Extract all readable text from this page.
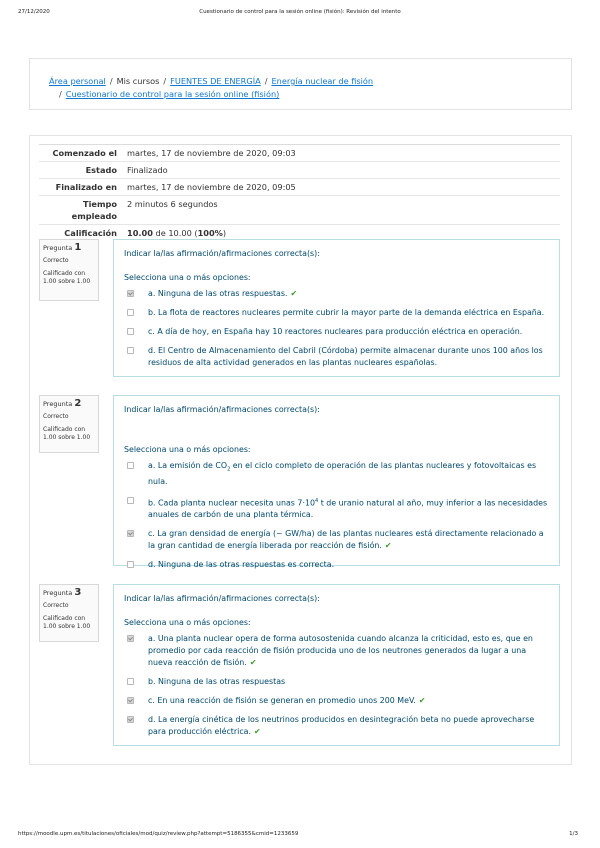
27/12/2020	Cuestionario de control para la sesión online (fisión): Revisión del intento
Área personal / Mis cursos / FUENTES DE ENERGÍA / Energía nuclear de fisión
/ Cuestionario de control para la sesión online (fisión)
Comenzado el	martes, 17 de noviembre de 2020, 09:03
Estado	Finalizado
Finalizado en	martes, 17 de noviembre de 2020, 09:05
Tiempo empleado	2 minutos 6 segundos
Calificación	10.00 de 10.00 (100%)
Pregunta 1
Correcto
Calificado con 1.00 sobre 1.00
Indicar la/las afirmación/afirmaciones correcta(s):
Selecciona una o más opciones:
a. Ninguna de las otras respuestas. ✔
b. La flota de reactores nucleares permite cubrir la mayor parte de la demanda eléctrica en España.
c. A día de hoy, en España hay 10 reactores nucleares para producción eléctrica en operación.
d. El Centro de Almacenamiento del Cabril (Córdoba) permite almacenar durante unos 100 años los residuos de alta actividad generados en las plantas nucleares españolas.
Pregunta 2
Correcto
Calificado con 1.00 sobre 1.00
Indicar la/las afirmación/afirmaciones correcta(s):
Selecciona una o más opciones:
a. La emisión de $CO_2$ en el ciclo completo de operación de las plantas nucleares y fotovoltaicas es nula.
b. Cada planta nuclear necesita unas $7\cdot 10^4$ t de uranio natural al año, muy inferior a las necesidades anuales de carbón de una planta térmica.
c. La gran densidad de energía (~ GW/ha) de las plantas nucleares está directamente relacionado a la gran cantidad de energía liberada por reacción de fisión. ✔
d. Ninguna de las otras respuestas es correcta.
Pregunta 3
Correcto
Calificado con 1.00 sobre 1.00
Indicar la/las afirmación/afirmaciones correcta(s):
Selecciona una o más opciones:
a. Una planta nuclear opera de forma autosostenida cuando alcanza la criticidad, esto es, que en promedio por cada reacción de fisión producida uno de los neutrones generados da lugar a una nueva reacción de fisión. ✔
b. Ninguna de las otras respuestas
c. En una reacción de fisión se generan en promedio unos 200 MeV. ✔
d. La energía cinética de los neutrinos producidos en desintegración beta no puede aprovecharse para producción eléctrica. ✔
https://moodle.upm.es/titulaciones/oficiales/mod/quiz/review.php?attempt=5186355&cmid=1233659	1/3
